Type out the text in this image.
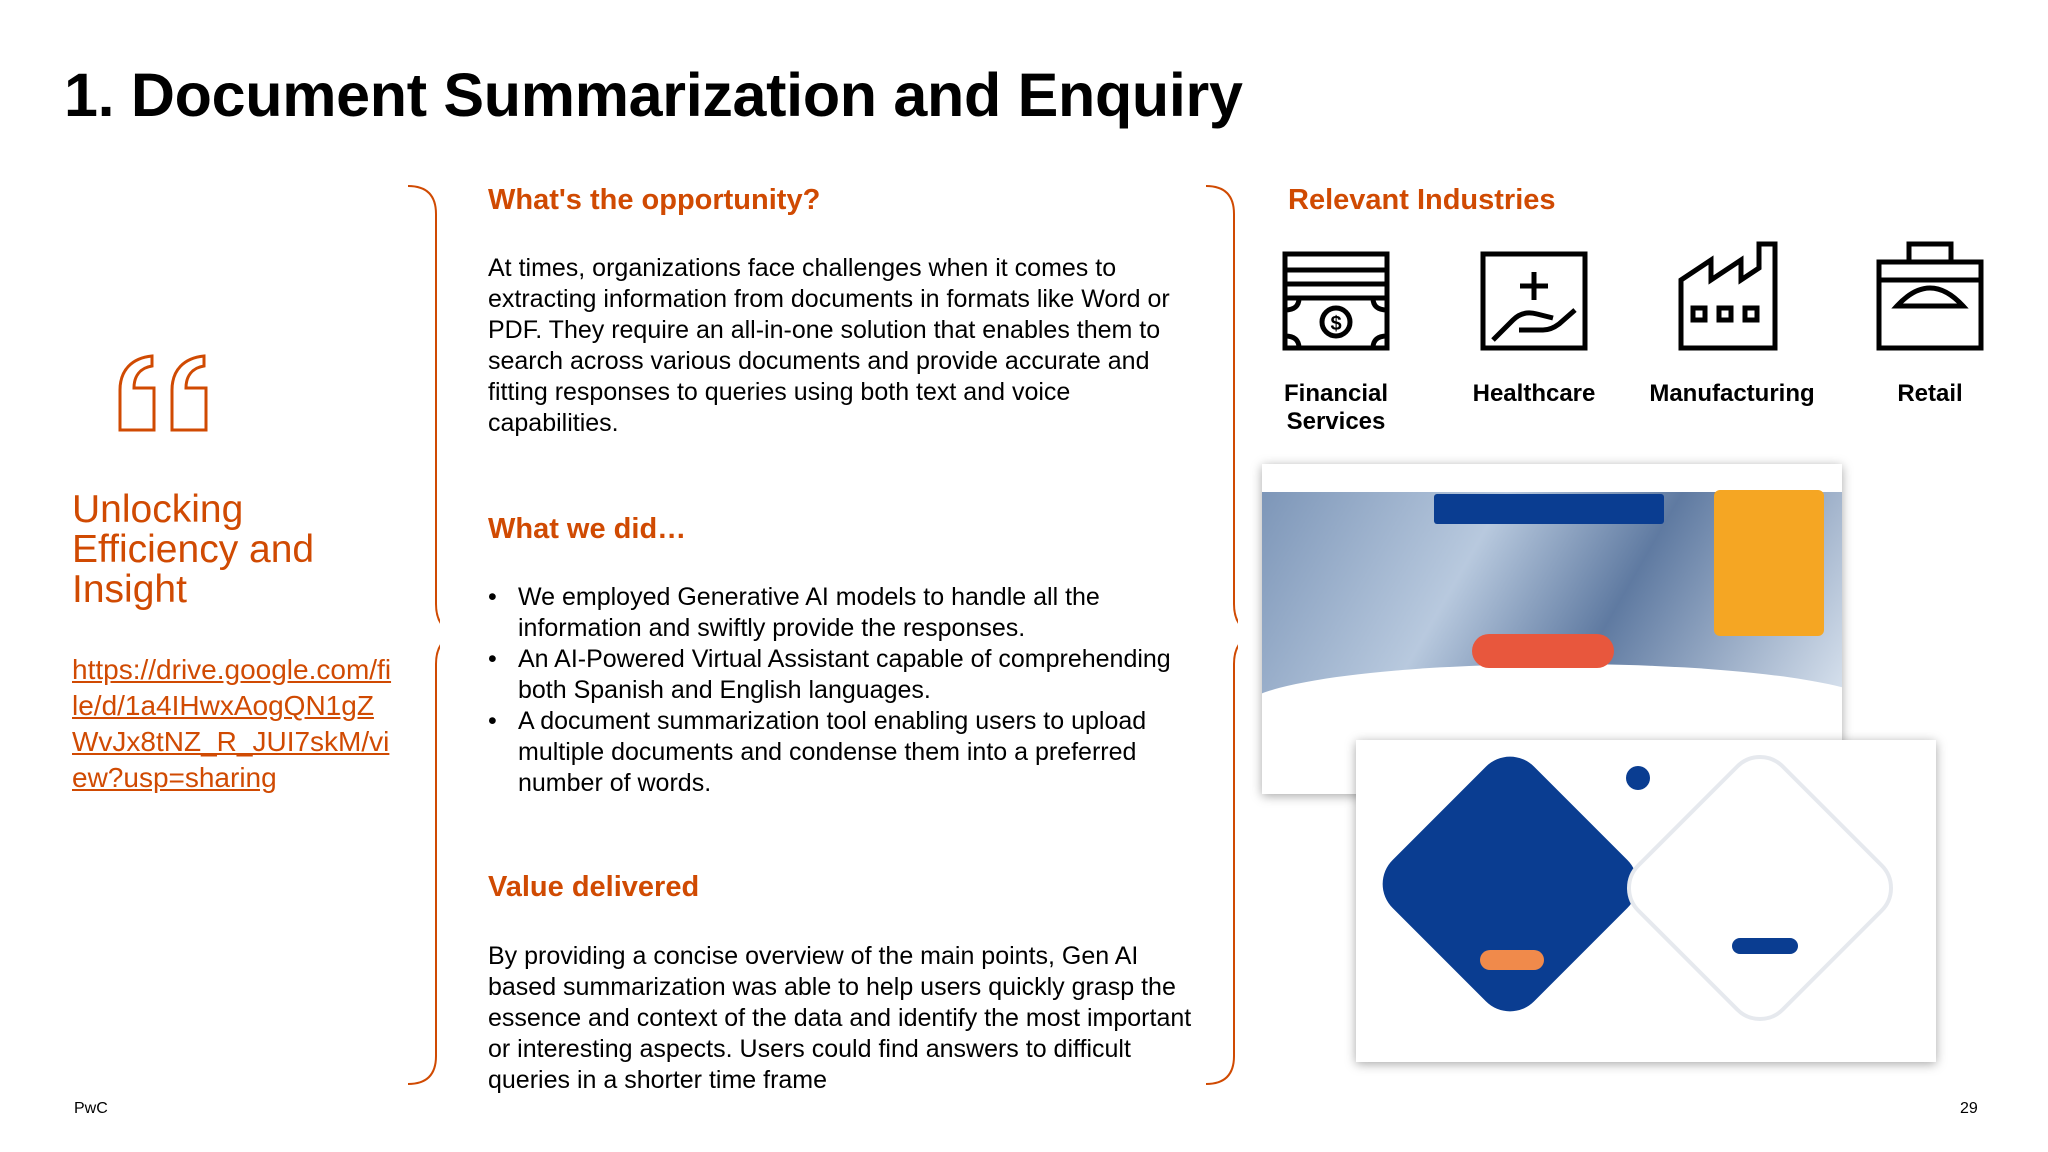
1. Document Summarization and Enquiry
Unlocking Efficiency and Insight
https://drive.google.com/file/d/1a4IHwxAogQN1gZWvJx8tNZ_R_JUI7skM/view?usp=sharing
What's the opportunity?
At times, organizations face challenges when it comes to extracting information from documents in formats like Word or PDF. They require an all-in-one solution that enables them to search across various documents and provide accurate and fitting responses to queries using both text and voice capabilities.
What we did…
• We employed Generative AI models to handle all the information and swiftly provide the responses.
• An AI-Powered Virtual Assistant capable of comprehending both Spanish and English languages.
• A document summarization tool enabling users to upload multiple documents and condense them into a preferred number of words.
Value delivered
By providing a concise overview of the main points, Gen AI based summarization was able to help users quickly grasp the essence and context of the data and identify the most important or interesting aspects. Users could find answers to difficult queries in a shorter time frame
Relevant Industries
$
Financial Services
Healthcare	Manufacturing	Retail
PwC	29
